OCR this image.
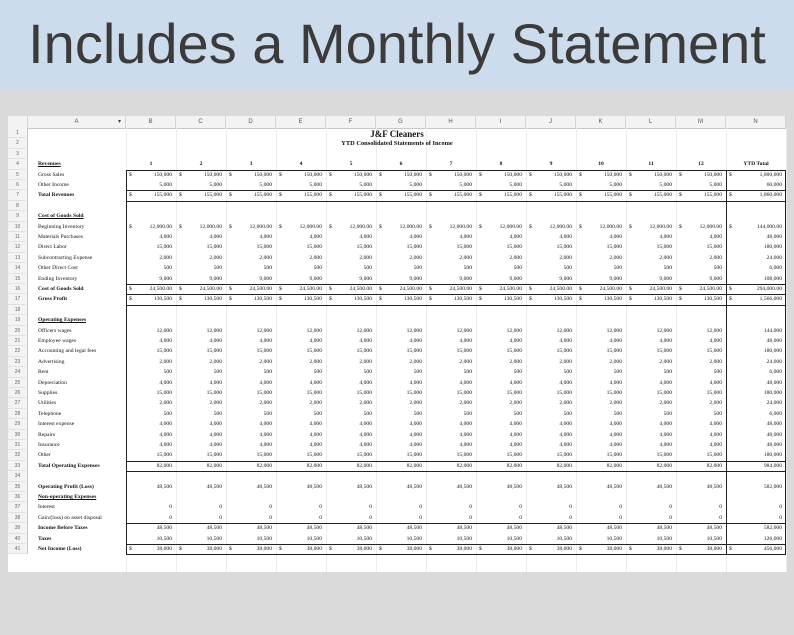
Includes a Monthly Statement
A	▾	B	C	D	E	F	G	H	I	J	K	L	M	N
J&F Cleaners
YTD Consolidated Statements of Income
1
2
3
4	1	2	3	4	5	6	7	8	9	10	11	12	YTD Total
Revenues
5	Gross Sales	$	150,000 $	150,000 $	150,000 $	150,000 $	150,000 $	150,000 $	150,000 $	150,000 $	150,000 $	150,000 $	150,000 $	150,000 $	1,800,000
6	Other Income	5,000	5,000	5,000	5,000	5,000	5,000	5,000	5,000	5,000	5,000	5,000	5,000	60,000
7	Total Revenues	$	155,000 $	155,000 $	155,000 $	155,000 $	155,000 $	155,000 $	155,000 $	155,000 $	155,000 $	155,000 $	155,000 $	155,000 $	1,860,000
8
9	Cost of Goods Sold
10	Beginning Inventory	$	12,000.00 $	12,000.00 $	12,000.00 $	12,000.00 $	12,000.00 $	12,000.00 $	12,000.00 $	12,000.00 $	12,000.00 $	12,000.00 $	12,000.00 $	12,000.00 $	144,000.00
11	Materials Purchases	4,000	4,000	4,000	4,000	4,000	4,000	4,000	4,000	4,000	4,000	4,000	4,000	48,000
12	Direct Labor	15,000	15,000	15,000	15,000	15,000	15,000	15,000	15,000	15,000	15,000	15,000	15,000	180,000
13	Subcontracting Expense	2,000	2,000	2,000	2,000	2,000	2,000	2,000	2,000	2,000	2,000	2,000	2,000	24,000
14	Other Direct Cost	500	500	500	500	500	500	500	500	500	500	500	500	6,000
15	Ending Inventory	9,000	9,000	9,000	9,000	9,000	9,000	9,000	9,000	9,000	9,000	9,000	9,000	108,000
16	Cost of Goods Sold	$	24,500.00 $	24,500.00 $	24,500.00 $	24,500.00 $	24,500.00 $	24,500.00 $	24,500.00 $	24,500.00 $	24,500.00 $	24,500.00 $	24,500.00 $	24,500.00 $	294,000.00
17	Gross Profit	$	130,500 $	130,500 $	130,500 $	130,500 $	130,500 $	130,500 $	130,500 $	130,500 $	130,500 $	130,500 $	130,500 $	130,500 $	1,566,000
18
19	Operating Expenses
20	Officers wages	12,000	12,000	12,000	12,000	12,000	12,000	12,000	12,000	12,000	12,000	12,000	12,000	144,000
21	Employee wages	4,000	4,000	4,000	4,000	4,000	4,000	4,000	4,000	4,000	4,000	4,000	4,000	48,000
22	Accounting and legal fees	15,000	15,000	15,000	15,000	15,000	15,000	15,000	15,000	15,000	15,000	15,000	15,000	180,000
23	Advertising	2,000	2,000	2,000	2,000	2,000	2,000	2,000	2,000	2,000	2,000	2,000	2,000	24,000
24	Rent	500	500	500	500	500	500	500	500	500	500	500	500	6,000
25	Depreciation	4,000	4,000	4,000	4,000	4,000	4,000	4,000	4,000	4,000	4,000	4,000	4,000	48,000
26	Supplies	15,000	15,000	15,000	15,000	15,000	15,000	15,000	15,000	15,000	15,000	15,000	15,000	180,000
27	Utilities	2,000	2,000	2,000	2,000	2,000	2,000	2,000	2,000	2,000	2,000	2,000	2,000	24,000
28	Telephone	500	500	500	500	500	500	500	500	500	500	500	500	6,000
29	Interest expense	4,000	4,000	4,000	4,000	4,000	4,000	4,000	4,000	4,000	4,000	4,000	4,000	48,000
30	Repairs	4,000	4,000	4,000	4,000	4,000	4,000	4,000	4,000	4,000	4,000	4,000	4,000	48,000
31	Insurance	4,000	4,000	4,000	4,000	4,000	4,000	4,000	4,000	4,000	4,000	4,000	4,000	48,000
32	Other	15,000	15,000	15,000	15,000	15,000	15,000	15,000	15,000	15,000	15,000	15,000	15,000	180,000
33	Total Operating Expenses	82,000	82,000	82,000	82,000	82,000	82,000	82,000	82,000	82,000	82,000	82,000	82,000	984,000
34
35	Operating Profit (Loss)	48,500	48,500	48,500	48,500	48,500	48,500	48,500	48,500	48,500	48,500	48,500	48,500	582,000
36	Non-operating Expenses
37	Interest	0	0	0	0	0	0	0	0	0	0	0	0	0
38	Gain/(loss) on asset disposal	0	0	0	0	0	0	0	0	0	0	0	0	0
39	Income Before Taxes	48,500	48,500	48,500	48,500	48,500	48,500	48,500	48,500	48,500	48,500	48,500	48,500	582,000
40	Taxes	10,500	10,500	10,500	10,500	10,500	10,500	10,500	10,500	10,500	10,500	10,500	10,500	126,000
41	Net Income (Loss)	$	38,000 $	38,000 $	38,000 $	38,000 $	38,000 $	38,000 $	38,000 $	38,000 $	38,000 $	38,000 $	38,000 $	38,000 $	456,000
